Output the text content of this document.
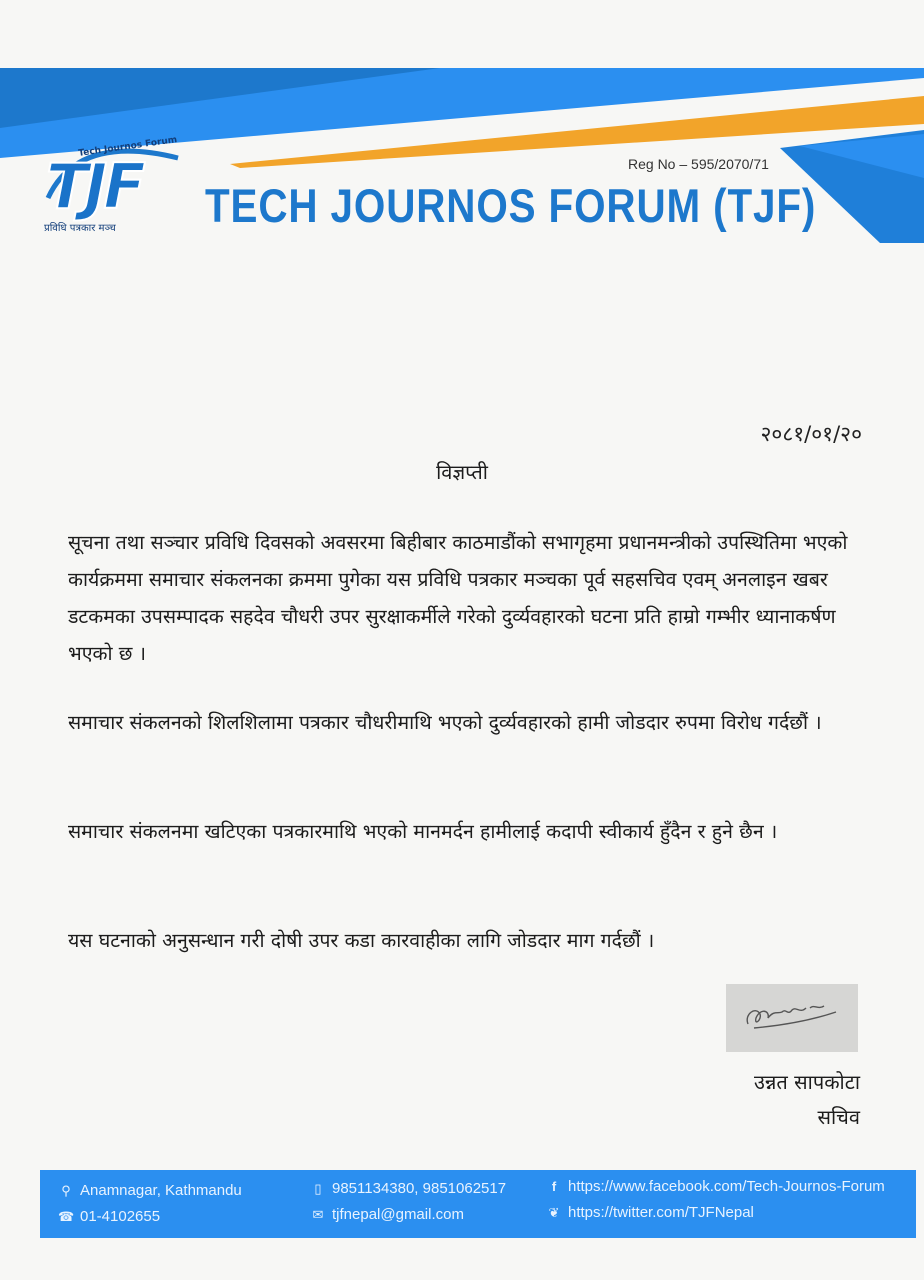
Tech Journos Forum
TJF
प्रविधि पत्रकार मञ्च
Reg No – 595/2070/71
TECH JOURNOS FORUM (TJF)
२०८१/०१/२०
विज्ञप्ती

सूचना तथा सञ्चार प्रविधि दिवसको अवसरमा बिहीबार काठमाडौंको सभागृहमा प्रधानमन्त्रीको उपस्थितिमा भएको कार्यक्रममा समाचार संकलनका क्रममा पुगेका यस प्रविधि पत्रकार मञ्चका पूर्व सहसचिव एवम् अनलाइन खबर डटकमका उपसम्पादक सहदेव चौधरी उपर सुरक्षाकर्मीले गरेको दुर्व्यवहारको घटना प्रति हाम्रो गम्भीर ध्यानाकर्षण भएको छ ।

समाचार संकलनको शिलशिलामा पत्रकार चौधरीमाथि भएको दुर्व्यवहारको हामी जोडदार रुपमा विरोध गर्दछौं ।

समाचार संकलनमा खटिएका पत्रकारमाथि भएको मानमर्दन हामीलाई कदापी स्वीकार्य हुँदैन र हुने छैन ।

यस घटनाको अनुसन्धान गरी दोषी उपर कडा कारवाहीका लागि जोडदार माग गर्दछौं ।

उन्नत सापकोटा
सचिव
⚲ Anamnagar, Kathmandu
☎ 01-4102655
▯ 9851134380, 9851062517
✉ tjfnepal@gmail.com
f https://www.facebook.com/Tech-Journos-Forum
❦ https://twitter.com/TJFNepal
